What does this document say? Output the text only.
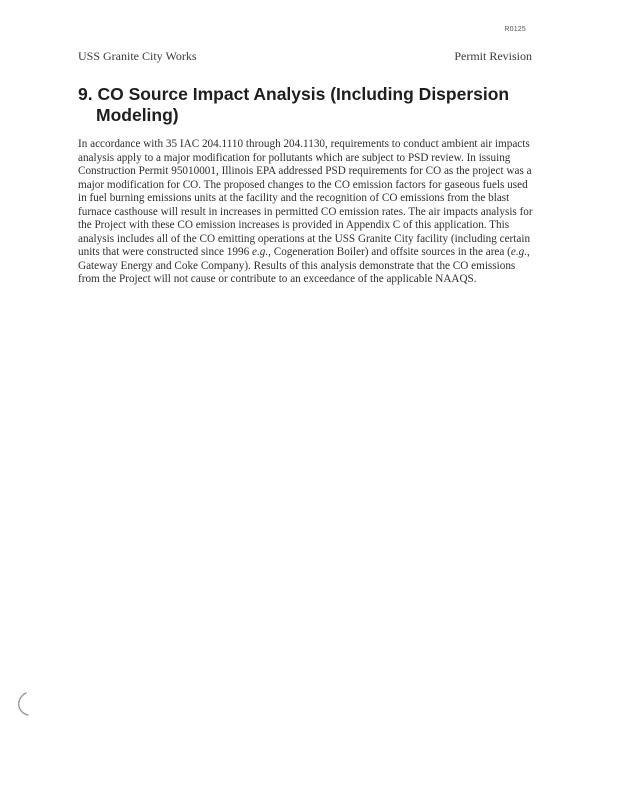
R0125
USS Granite City Works	Permit Revision
9. CO Source Impact Analysis (Including Dispersion Modeling)

In accordance with 35 IAC 204.1110 through 204.1130, requirements to conduct ambient air impacts analysis apply to a major modification for pollutants which are subject to PSD review. In issuing Construction Permit 95010001, Illinois EPA addressed PSD requirements for CO as the project was a major modification for CO. The proposed changes to the CO emission factors for gaseous fuels used in fuel burning emissions units at the facility and the recognition of CO emissions from the blast furnace casthouse will result in increases in permitted CO emission rates. The air impacts analysis for the Project with these CO emission increases is provided in Appendix C of this application. This analysis includes all of the CO emitting operations at the USS Granite City facility (including certain units that were constructed since 1996 e.g., Cogeneration Boiler) and offsite sources in the area (e.g., Gateway Energy and Coke Company). Results of this analysis demonstrate that the CO emissions from the Project will not cause or contribute to an exceedance of the applicable NAAQS.
